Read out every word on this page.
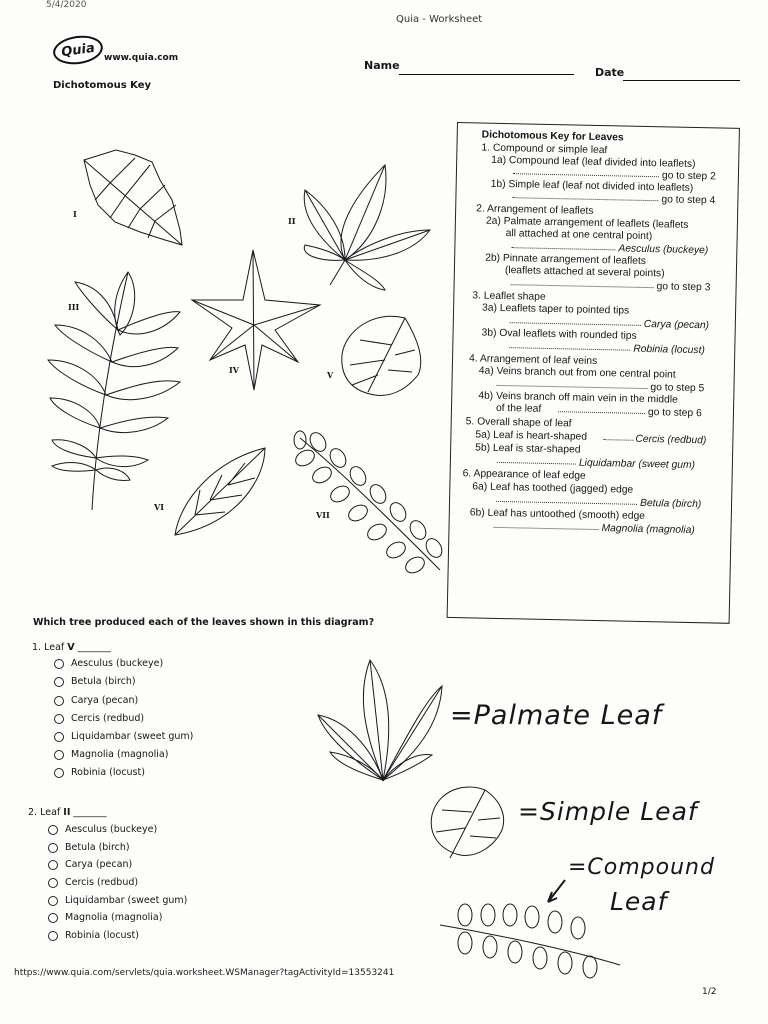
5/4/2020
Quia - Worksheet
Quia www.quia.com
Dichotomous Key
Name
Date
I
II
III
IV	V
VI
VII
Dichotomous Key for Leaves
1. Compound or simple leaf
1a) Compound leaf (leaf divided into leaflets)
go to step 2
1b) Simple leaf (leaf not divided into leaflets)
go to step 4
2. Arrangement of leaflets
2a) Palmate arrangement of leaflets (leaflets
all attached at one central point)
Aesculus (buckeye)
2b) Pinnate arrangement of leaflets
(leaflets attached at several points)
go to step 3
3. Leaflet shape
3a) Leaflets taper to pointed tips
Carya (pecan)
3b) Oval leaflets with rounded tips
Robinia (locust)
4. Arrangement of leaf veins
4a) Veins branch out from one central point
go to step 5
4b) Veins branch off main vein in the middle
of the leaf	go to step 6
5. Overall shape of leaf
5a) Leaf is heart-shaped	Cercis (redbud)
5b) Leaf is star-shaped
Liquidambar (sweet gum)
6. Appearance of leaf edge
6a) Leaf has toothed (jagged) edge
Betula (birch)
6b) Leaf has untoothed (smooth) edge
Magnolia (magnolia)
Which tree produced each of the leaves shown in this diagram?
1. Leaf V _______
Aesculus (buckeye)
Betula (birch)
Carya (pecan)
Cercis (redbud)
Liquidambar (sweet gum)
Magnolia (magnolia)
Robinia (locust)
2. Leaf II _______
Aesculus (buckeye)
Betula (birch)
Carya (pecan)
Cercis (redbud)
Liquidambar (sweet gum)
Magnolia (magnolia)
Robinia (locust)
=Palmate Leaf
=Simple Leaf
=Compound
Leaf
https://www.quia.com/servlets/quia.worksheet.WSManager?tagActivityId=13553241
1/2
